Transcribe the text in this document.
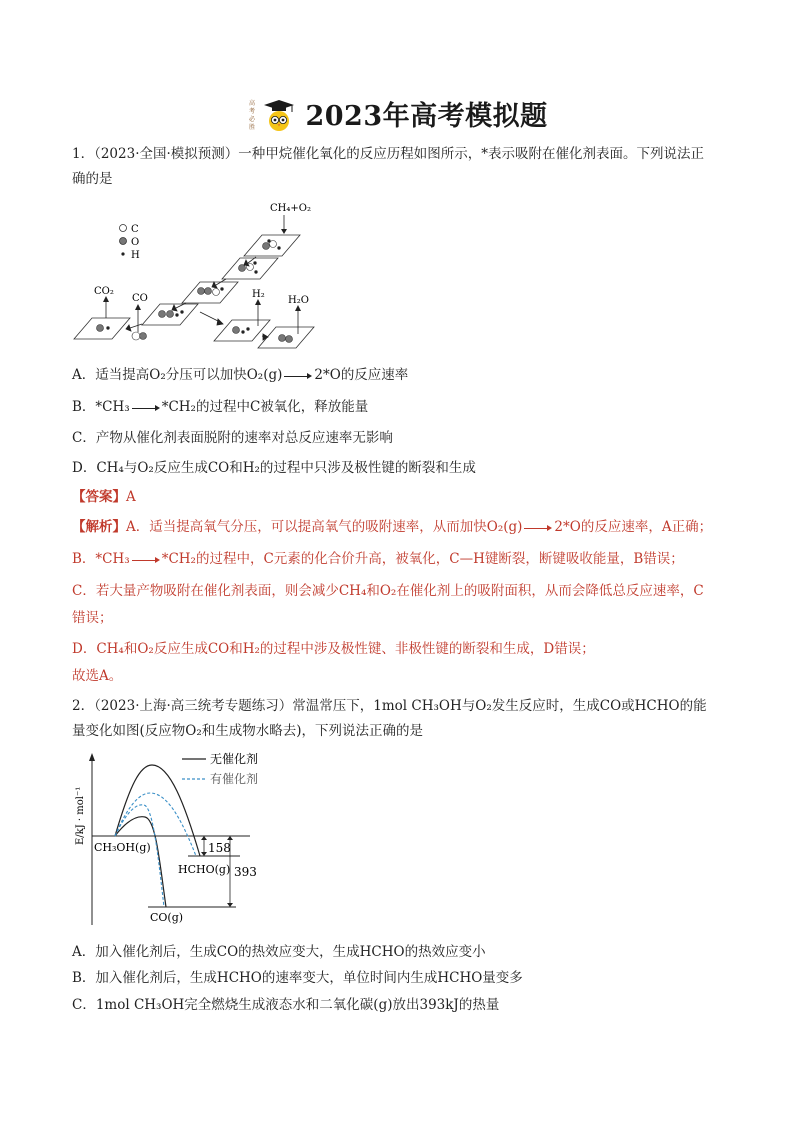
高
考
必
胜 2023年高考模拟题
1．（2023·全国·模拟预测）一种甲烷催化氧化的反应历程如图所示，*表示吸附在催化剂表面。下列说法正
确的是
C
O
H
CH₄+O₂
CO₂
CO	H₂
H₂O
A．适当提高O₂分压可以加快O₂(g) 2*O的反应速率
B．*CH₃ *CH₂的过程中C被氧化，释放能量
C．产物从催化剂表面脱附的速率对总反应速率无影响
D．CH₄与O₂反应生成CO和H₂的过程中只涉及极性键的断裂和生成
【答案】A
【解析】A．适当提高氧气分压，可以提高氧气的吸附速率，从而加快O₂(g) 2*O的反应速率，A正确；
B．*CH₃ *CH₂的过程中，C元素的化合价升高，被氧化，C—H键断裂，断键吸收能量，B错误；
C．若大量产物吸附在催化剂表面，则会减少CH₄和O₂在催化剂上的吸附面积，从而会降低总反应速率，C
错误；
D．CH₄和O₂反应生成CO和H₂的过程中涉及极性键、非极性键的断裂和生成，D错误；
故选A。
2．（2023·上海·高三统考专题练习）常温常压下，1mol CH₃OH与O₂发生反应时，生成CO或HCHO的能
量变化如图(反应物O₂和生成物水略去)，下列说法正确的是
E/kJ · mol⁻¹
无催化剂
有催化剂
CH₃OH(g)
HCHO(g)
CO(g)
158
393
A．加入催化剂后，生成CO的热效应变大，生成HCHO的热效应变小
B．加入催化剂后，生成HCHO的速率变大，单位时间内生成HCHO量变多
C．1mol CH₃OH完全燃烧生成液态水和二氧化碳(g)放出393kJ的热量
